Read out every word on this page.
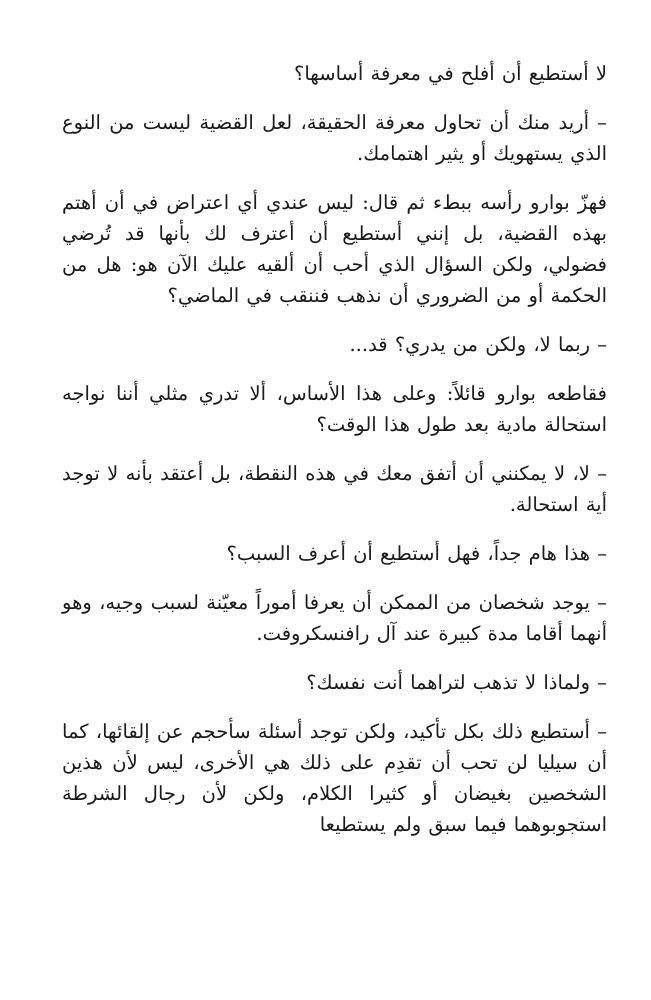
لا أستطيع أن أفلح في معرفة أساسها؟

– أريد منك أن تحاول معرفة الحقيقة، لعل القضية ليست من النوع الذي يستهويك أو يثير اهتمامك.

فهزّ بوارو رأسه ببطء ثم قال: ليس عندي أي اعتراض في أن أهتم بهذه القضية، بل إنني أستطيع أن أعترف لك بأنها قد تُرضي فضولي، ولكن السؤال الذي أحب أن ألقيه عليك الآن هو: هل من الحكمة أو من الضروري أن نذهب فننقب في الماضي؟

– ربما لا، ولكن من يدري؟ قد...

فقاطعه بوارو قائلاً: وعلى هذا الأساس، ألا تدري مثلي أننا نواجه استحالة مادية بعد طول هذا الوقت؟

– لا، لا يمكنني أن أتفق معك في هذه النقطة، بل أعتقد بأنه لا توجد أية استحالة.

– هذا هام جداً، فهل أستطيع أن أعرف السبب؟

– يوجد شخصان من الممكن أن يعرفا أموراً معيّنة لسبب وجيه، وهو أنهما أقاما مدة كبيرة عند آل رافنسكروفت.

– ولماذا لا تذهب لتراهما أنت نفسك؟

– أستطيع ذلك بكل تأكيد، ولكن توجد أسئلة سأحجم عن إلقائها، كما أن سيليا لن تحب أن تقدِم على ذلك هي الأخرى، ليس لأن هذين الشخصين بغيضان أو كثيرا الكلام، ولكن لأن رجال الشرطة استجوبوهما فيما سبق ولم يستطيعا
